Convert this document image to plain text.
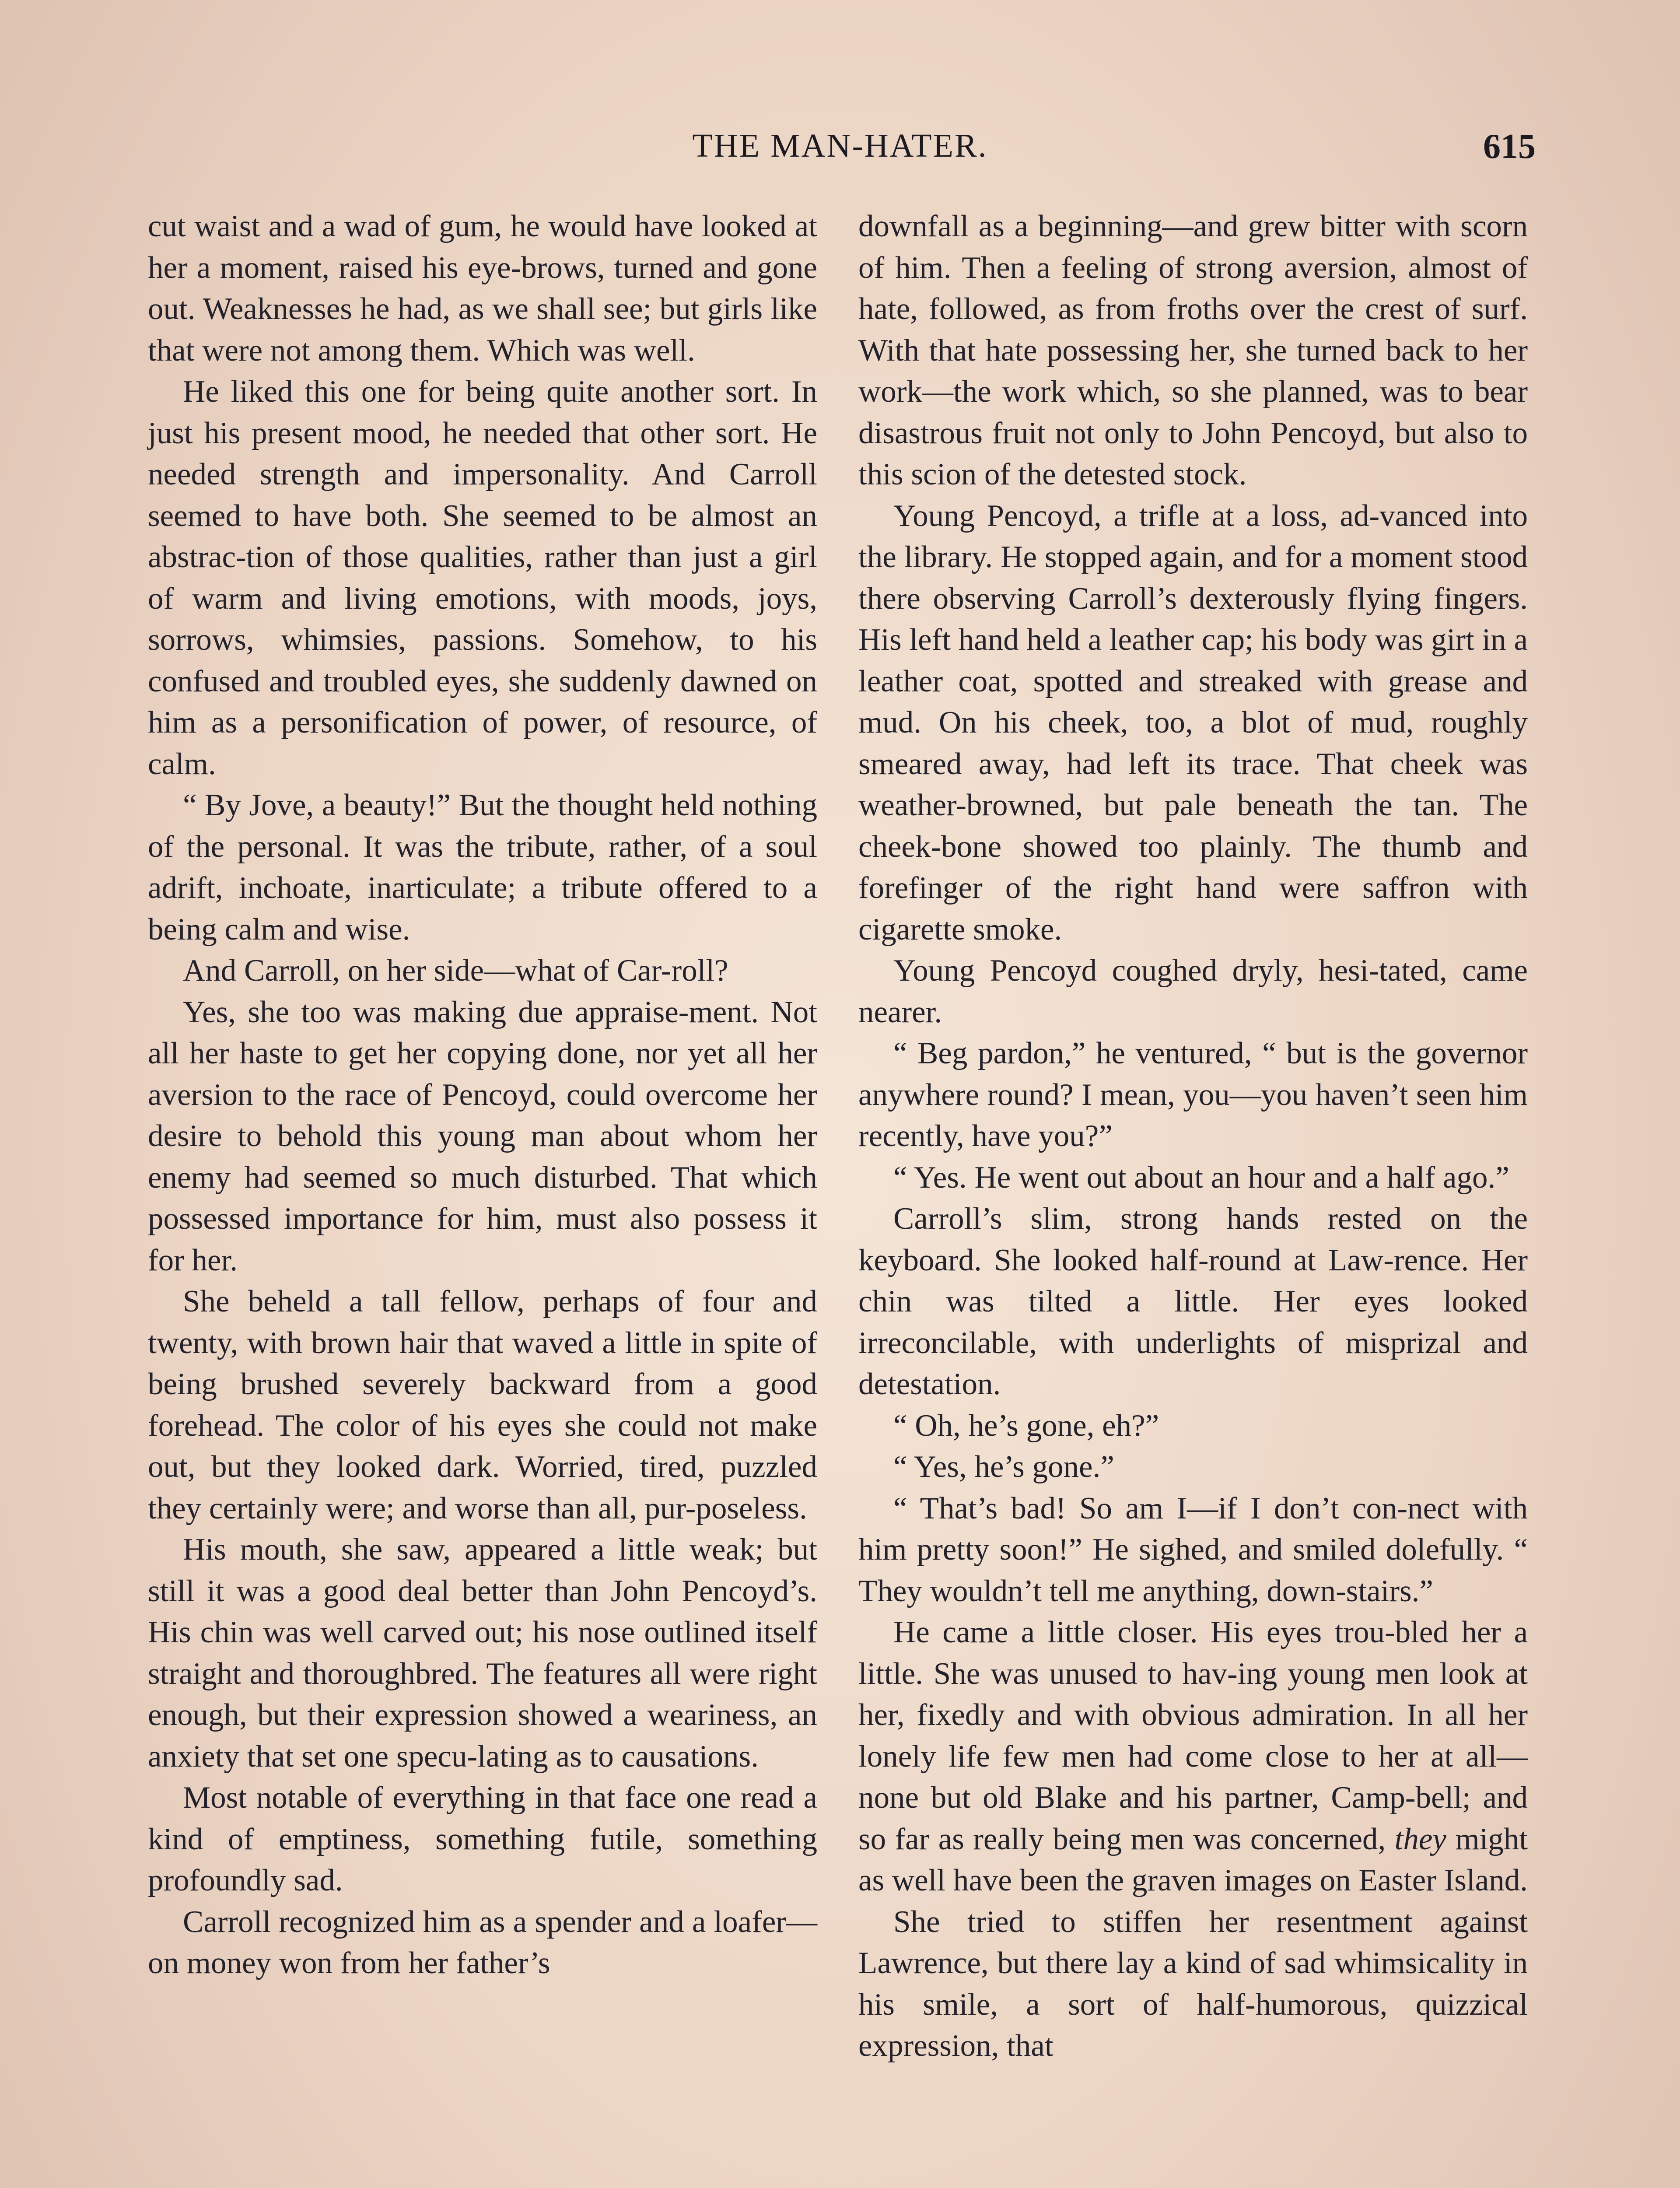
THE MAN-HATER.	615

cut waist and a wad of gum, he would have looked at her a moment, raised his eye-brows, turned and gone out. Weaknesses he had, as we shall see; but girls like that were not among them. Which was well.

He liked this one for being quite another sort. In just his present mood, he needed that other sort. He needed strength and impersonality. And Carroll seemed to have both. She seemed to be almost an abstrac-tion of those qualities, rather than just a girl of warm and living emotions, with moods, joys, sorrows, whimsies, passions. Somehow, to his confused and troubled eyes, she suddenly dawned on him as a personification of power, of resource, of calm.

“ By Jove, a beauty!” But the thought held nothing of the personal. It was the tribute, rather, of a soul adrift, inchoate, inarticulate; a tribute offered to a being calm and wise.

And Carroll, on her side—what of Car-roll?

Yes, she too was making due appraise-ment. Not all her haste to get her copying done, nor yet all her aversion to the race of Pencoyd, could overcome her desire to behold this young man about whom her enemy had seemed so much disturbed. That which possessed importance for him, must also possess it for her.

She beheld a tall fellow, perhaps of four and twenty, with brown hair that waved a little in spite of being brushed severely backward from a good forehead. The color of his eyes she could not make out, but they looked dark. Worried, tired, puzzled they certainly were; and worse than all, pur-poseless.

His mouth, she saw, appeared a little weak; but still it was a good deal better than John Pencoyd’s. His chin was well carved out; his nose outlined itself straight and thoroughbred. The features all were right enough, but their expression showed a weariness, an anxiety that set one specu-lating as to causations.

Most notable of everything in that face one read a kind of emptiness, something futile, something profoundly sad.

Carroll recognized him as a spender and a loafer—on money won from her father’s

downfall as a beginning—and grew bitter with scorn of him. Then a feeling of strong aversion, almost of hate, followed, as from froths over the crest of surf. With that hate possessing her, she turned back to her work—the work which, so she planned, was to bear disastrous fruit not only to John Pencoyd, but also to this scion of the detested stock.

Young Pencoyd, a trifle at a loss, ad-vanced into the library. He stopped again, and for a moment stood there observing Carroll’s dexterously flying fingers. His left hand held a leather cap; his body was girt in a leather coat, spotted and streaked with grease and mud. On his cheek, too, a blot of mud, roughly smeared away, had left its trace. That cheek was weather-browned, but pale beneath the tan. The cheek-bone showed too plainly. The thumb and forefinger of the right hand were saffron with cigarette smoke.

Young Pencoyd coughed dryly, hesi-tated, came nearer.

“ Beg pardon,” he ventured, “ but is the governor anywhere round? I mean, you—you haven’t seen him recently, have you?”

“ Yes. He went out about an hour and a half ago.”

Carroll’s slim, strong hands rested on the keyboard. She looked half-round at Law-rence. Her chin was tilted a little. Her eyes looked irreconcilable, with underlights of misprizal and detestation.

“ Oh, he’s gone, eh?”

“ Yes, he’s gone.”

“ That’s bad! So am I—if I don’t con-nect with him pretty soon!” He sighed, and smiled dolefully. “ They wouldn’t tell me anything, down-stairs.”

He came a little closer. His eyes trou-bled her a little. She was unused to hav-ing young men look at her, fixedly and with obvious admiration. In all her lonely life few men had come close to her at all—none but old Blake and his partner, Camp-bell; and so far as really being men was concerned, they might as well have been the graven images on Easter Island.

She tried to stiffen her resentment against Lawrence, but there lay a kind of sad whimsicality in his smile, a sort of half-humorous, quizzical expression, that
